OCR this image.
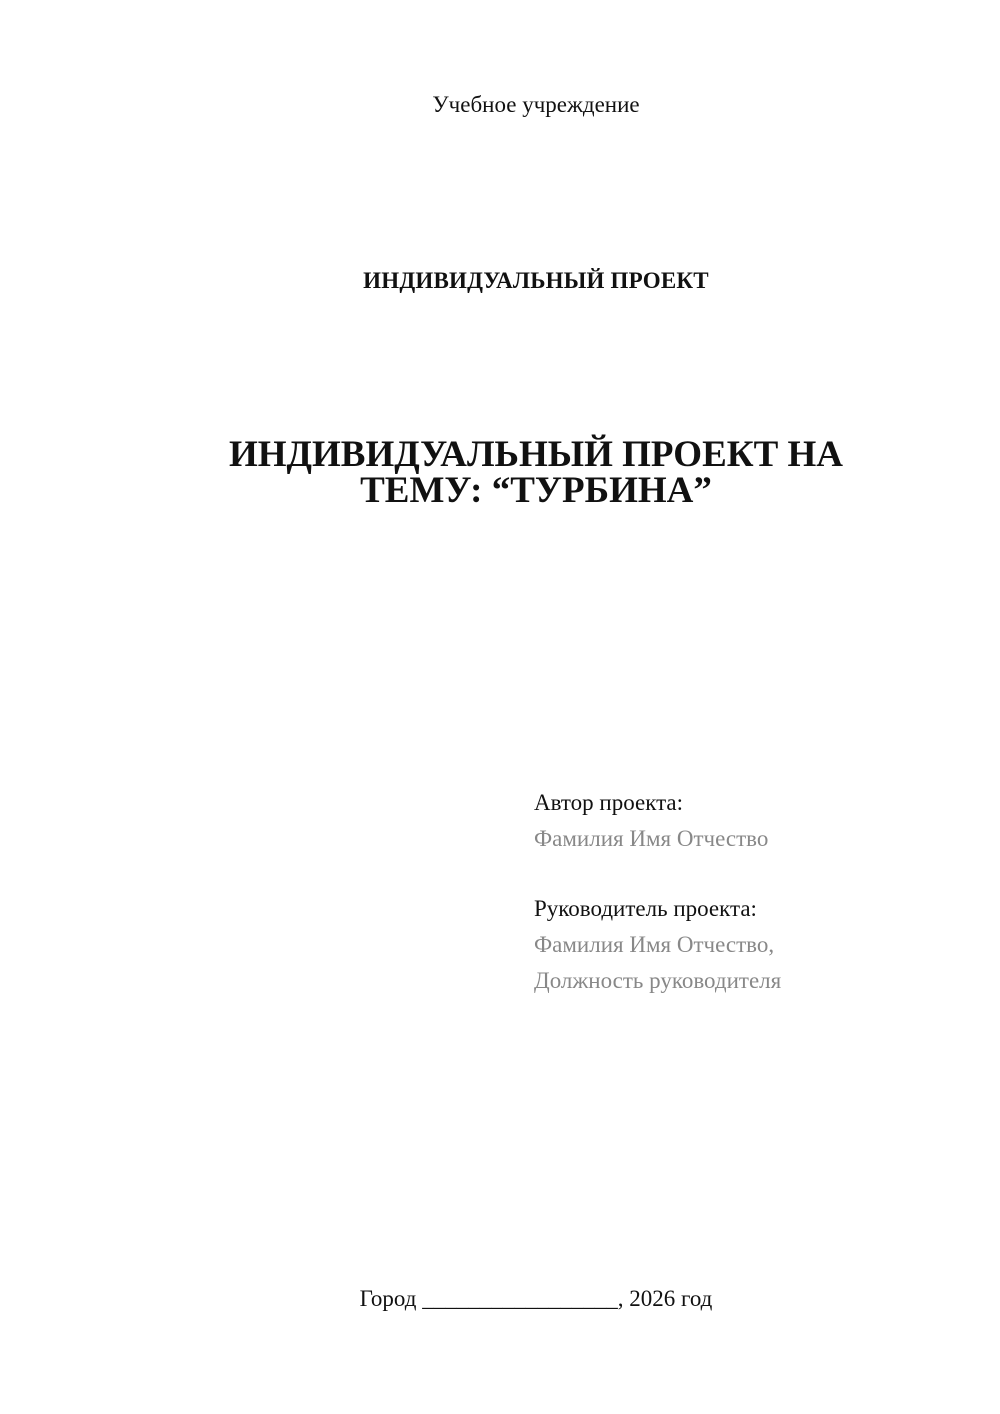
Учебное учреждение
ИНДИВИДУАЛЬНЫЙ ПРОЕКТ
ИНДИВИДУАЛЬНЫЙ ПРОЕКТ НА
ТЕМУ: “ТУРБИНА”
Автор проекта:
Фамилия Имя Отчество
Руководитель проекта:
Фамилия Имя Отчество,
Должность руководителя
Город _________________, 2026 год
